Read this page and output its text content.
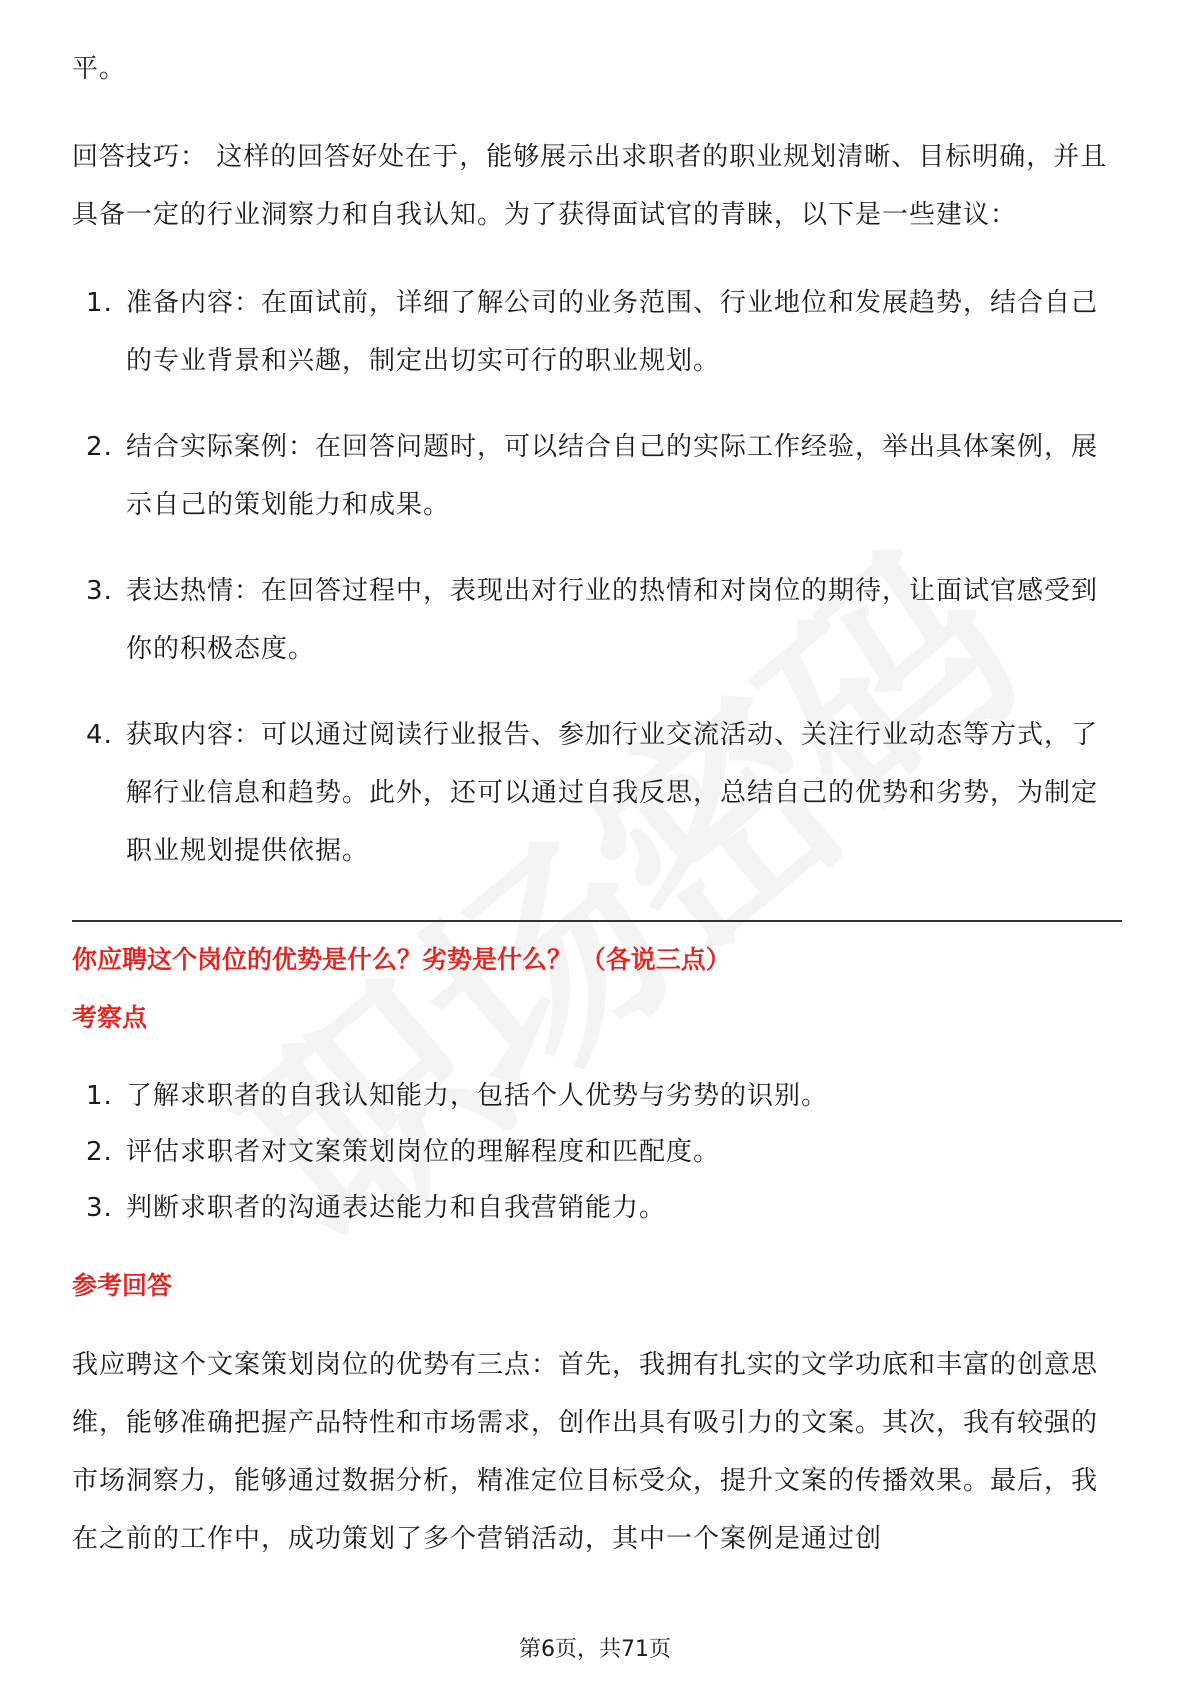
平。

回答技巧： 这样的回答好处在于，能够展示出求职者的职业规划清晰、目标明确，并且具备一定的行业洞察力和自我认知。为了获得面试官的青睐，以下是一些建议：

1. 准备内容：在面试前，详细了解公司的业务范围、行业地位和发展趋势，结合自己的专业背景和兴趣，制定出切实可行的职业规划。
2. 结合实际案例：在回答问题时，可以结合自己的实际工作经验，举出具体案例，展示自己的策划能力和成果。
3. 表达热情：在回答过程中，表现出对行业的热情和对岗位的期待，让面试官感受到你的积极态度。
4. 获取内容：可以通过阅读行业报告、参加行业交流活动、关注行业动态等方式，了解行业信息和趋势。此外，还可以通过自我反思，总结自己的优势和劣势，为制定职业规划提供依据。

你应聘这个岗位的优势是什么？劣势是什么？ （各说三点）

考察点

1. 了解求职者的自我认知能力，包括个人优势与劣势的识别。
2. 评估求职者对文案策划岗位的理解程度和匹配度。
3. 判断求职者的沟通表达能力和自我营销能力。

参考回答

我应聘这个文案策划岗位的优势有三点：首先，我拥有扎实的文学功底和丰富的创意思维，能够准确把握产品特性和市场需求，创作出具有吸引力的文案。其次，我有较强的市场洞察力，能够通过数据分析，精准定位目标受众，提升文案的传播效果。最后，我在之前的工作中，成功策划了多个营销活动，其中一个案例是通过创

第6页，共71页
